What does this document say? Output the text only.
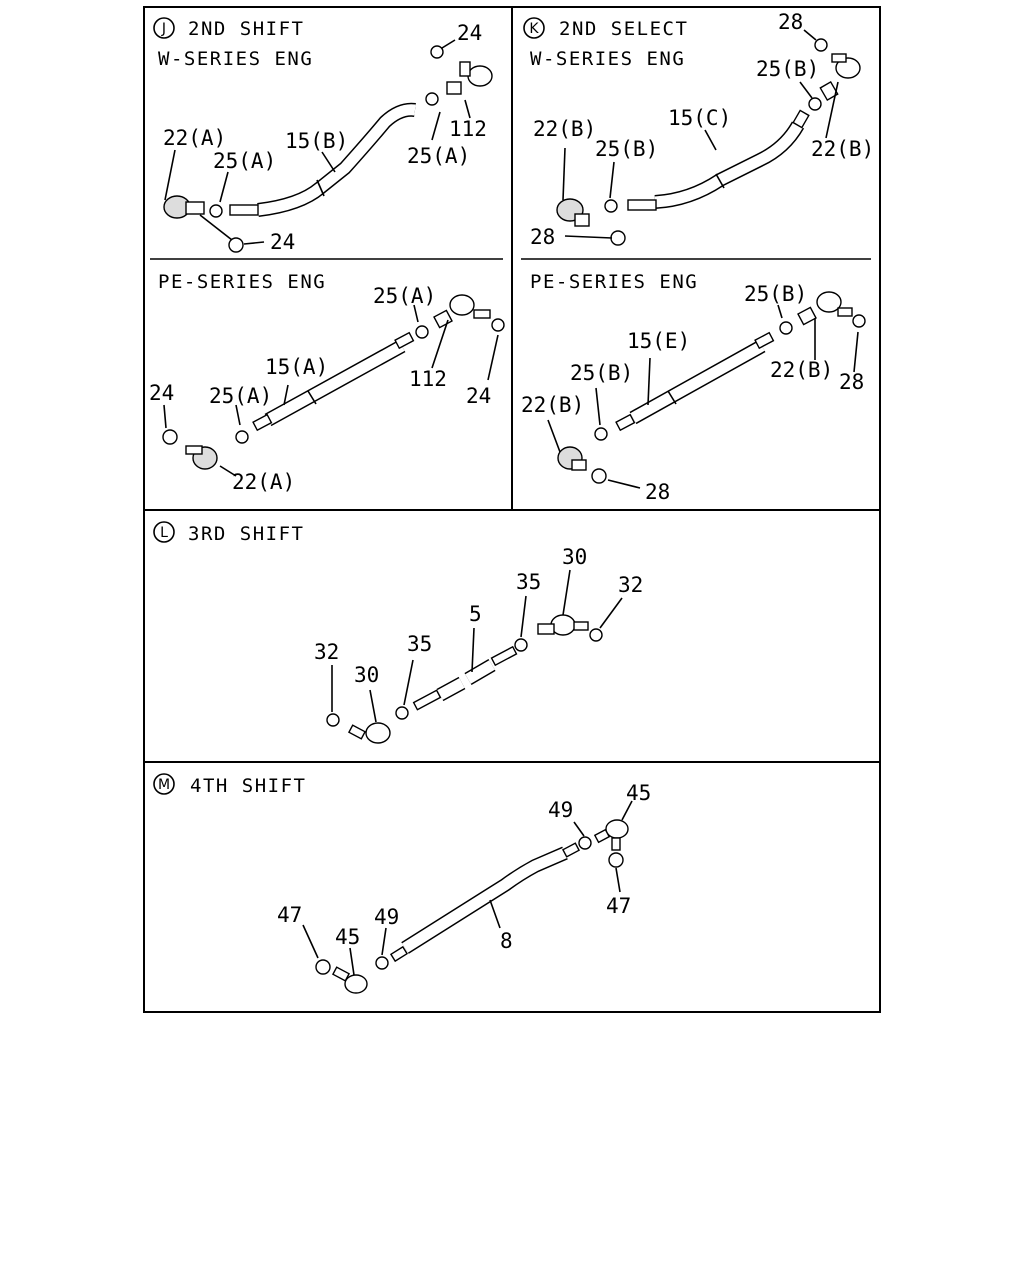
J 2ND SHIFT
W-SERIES ENG
PE-SERIES ENG
24
112
25(A)
15(B)
22(A)
25(A)
24
25(A)
112
24
15(A)
24 25(A)
22(A)
K 2ND SELECT
W-SERIES ENG
PE-SERIES ENG
28
25(B)
22(B)
15(C)
22(B)
25(B)
28
25(B)
22(B) 28
15(E)
25(B)
22(B)
28
L 3RD SHIFT
30
32
35
5
35
30
32
M 4TH SHIFT
49
45
47
8
47
45
49
